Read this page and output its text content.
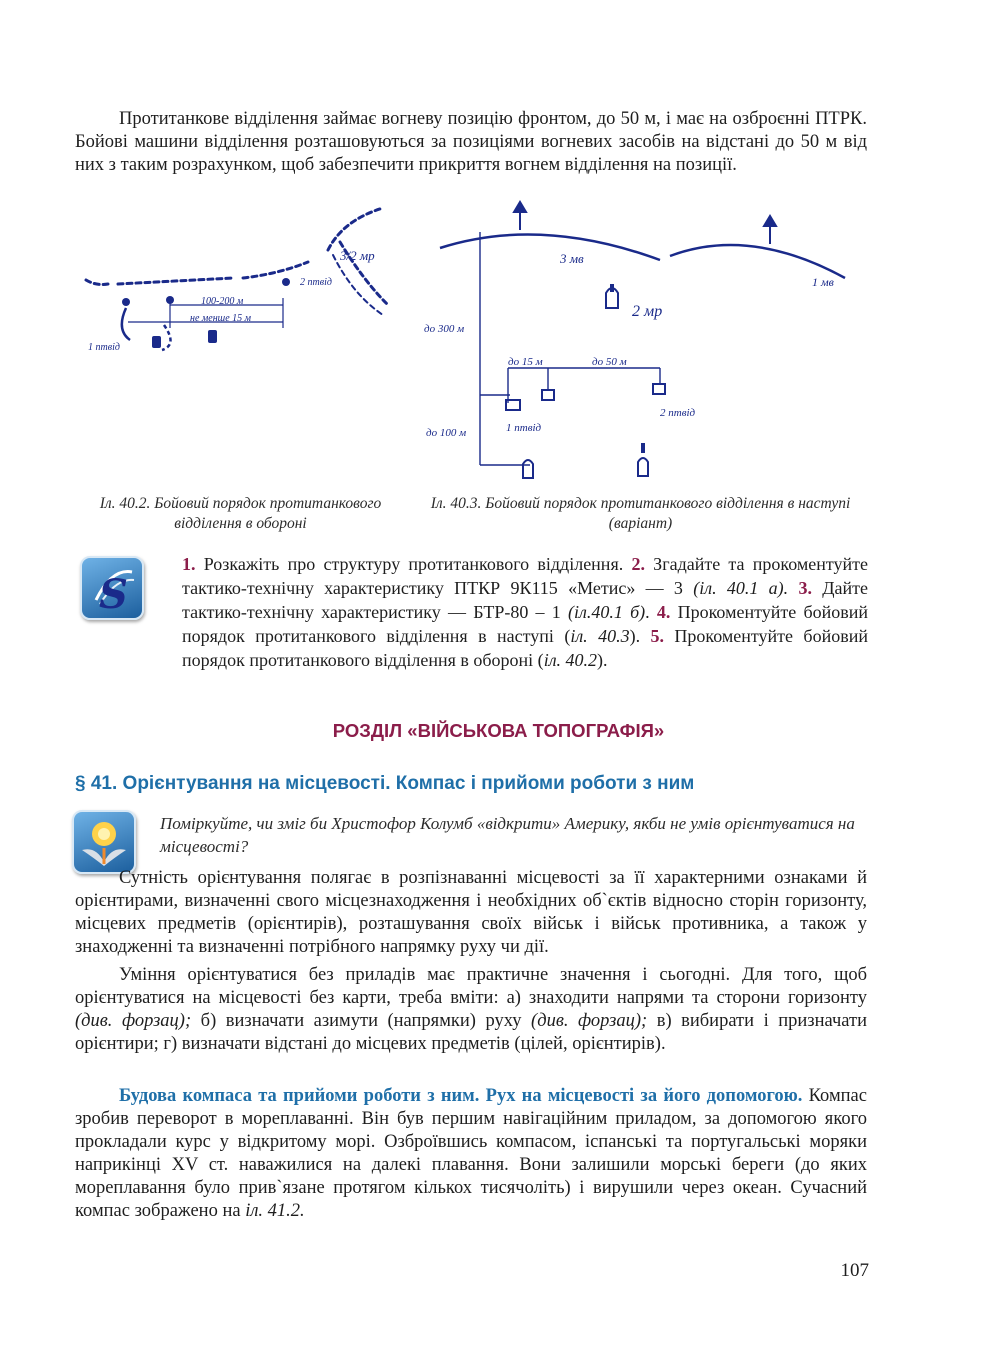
Протитанкове відділення займає вогневу позицію фронтом, до 50 м, і має на озброєнні ПТРК. Бойові машини відділення розташовуються за позиціями вогневих засобів на відстані до 50 м від них з таким розрахунком, щоб забезпечити прикриття вогнем відділення на позиції.
3/2 мр
2 птвід
1 птвід
100-200 м
не менше 15 м
3 мв
1 мв
2 мр
до 300 м
до 15 м	до 50 м
до 100 м	1 птвід
2 птвід
Іл. 40.2. Бойовий порядок протитанкового відділення в обороні
Іл. 40.3. Бойовий порядок протитанкового відділення в наступі (варіант)
S
1. Розкажіть про структуру протитанкового відділення. 2. Згадайте та прокоментуйте тактико-технічну характеристику ПТКР 9К115 «Метис» — 3 (іл. 40.1 а). 3. Дайте тактико-технічну характеристику — БТР-80 – 1 (іл.40.1 б). 4. Прокоментуйте бойовий порядок протитанкового відділення в наступі (іл. 40.3). 5. Прокоментуйте бойовий порядок протитанкового відділення в обороні (іл. 40.2).
РОЗДІЛ «ВІЙСЬКОВА ТОПОГРАФІЯ»
§ 41. Орієнтування на місцевості. Компас і прийоми роботи з ним
Поміркуйте, чи зміг би Христофор Колумб «відкрити» Америку, якби не умів орієнтуватися на місцевості?
Сутність орієнтування полягає в розпізнаванні місцевості за її характерними ознаками й орієнтирами, визначенні свого місцезнаходження і необхідних об`єктів відносно сторін горизонту, місцевих предметів (орієнтирів), розташування своїх військ і військ противника, а також у знаходженні та визначенні потрібного напрямку руху чи дії.
Уміння орієнтуватися без приладів має практичне значення і сьогодні. Для того, щоб орієнтуватися на місцевості без карти, треба вміти: а) знаходити напрями та сторони горизонту (див. форзац); б) визначати азимути (напрямки) руху (див. форзац); в) вибирати і призначати орієнтири; г) визначати відстані до місцевих предметів (цілей, орієнтирів).
Будова компаса та прийоми роботи з ним. Рух на місцевості за його допомогою. Компас зробив переворот в мореплаванні. Він був першим навігаційним приладом, за допомогою якого прокладали курс у відкритому морі. Озброївшись компасом, іспанські та португальські моряки наприкінці XV ст. наважилися на далекі плавання. Вони залишили морські береги (до яких мореплавання було прив`язане протягом кількох тисячоліть) і вирушили через океан. Сучасний компас зображено на іл. 41.2.
107
